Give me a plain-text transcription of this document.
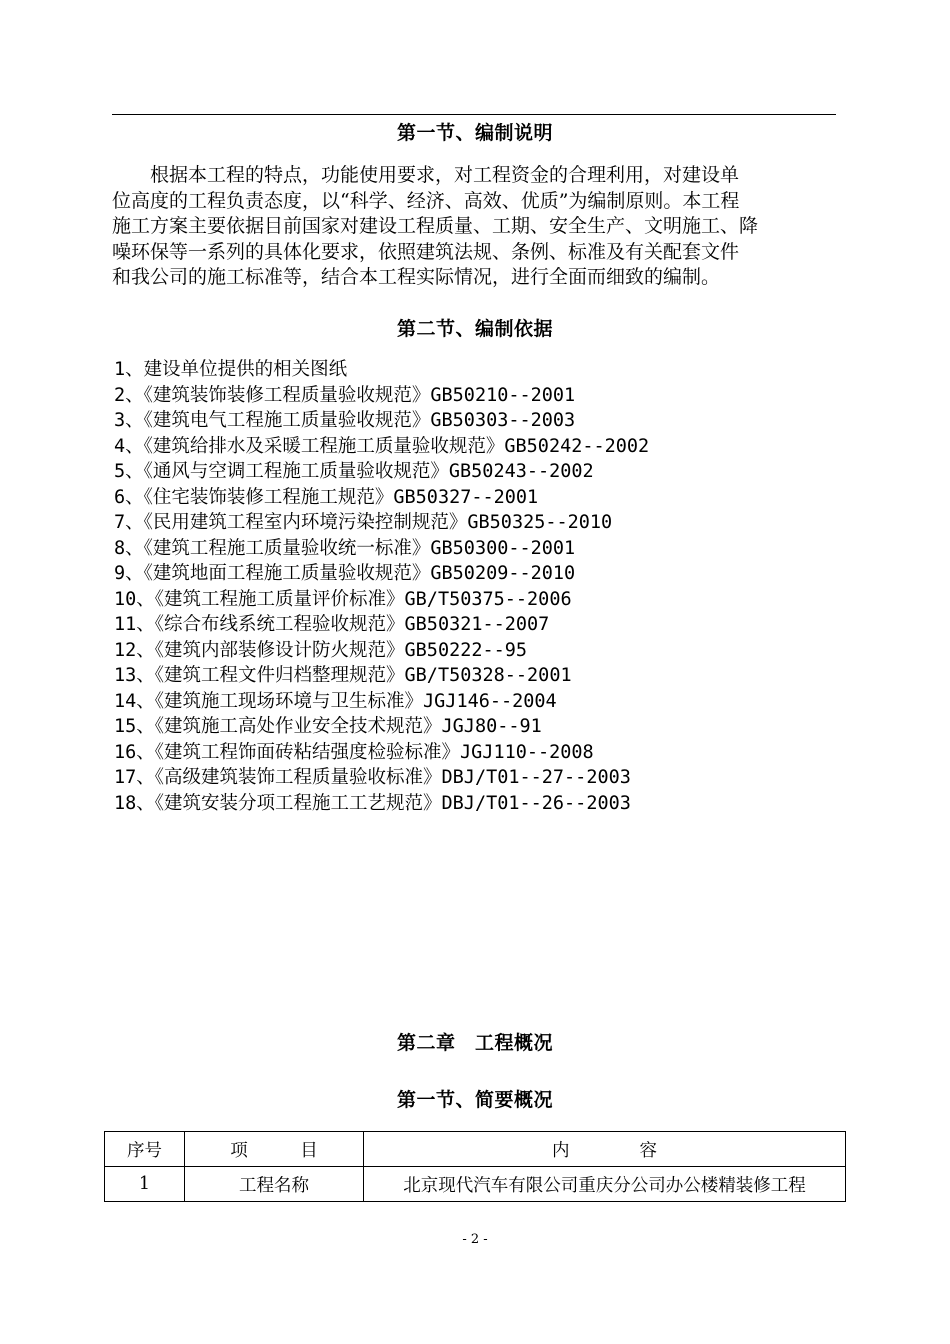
第一节、编制说明
　　根据本工程的特点，功能使用要求，对工程资金的合理利用，对建设单
位高度的工程负责态度，以“科学、经济、高效、优质”为编制原则。本工程
施工方案主要依据目前国家对建设工程质量、工期、安全生产、文明施工、降
噪环保等一系列的具体化要求，依照建筑法规、条例、标准及有关配套文件
和我公司的施工标准等，结合本工程实际情况，进行全面而细致的编制。
第二节、编制依据
1、建设单位提供的相关图纸
2、《建筑装饰装修工程质量验收规范》GB50210--2001
3、《建筑电气工程施工质量验收规范》GB50303--2003
4、《建筑给排水及采暖工程施工质量验收规范》GB50242--2002
5、《通风与空调工程施工质量验收规范》GB50243--2002
6、《住宅装饰装修工程施工规范》GB50327--2001
7、《民用建筑工程室内环境污染控制规范》GB50325--2010
8、《建筑工程施工质量验收统一标准》GB50300--2001
9、《建筑地面工程施工质量验收规范》GB50209--2010
10、《建筑工程施工质量评价标准》GB/T50375--2006
11、《综合布线系统工程验收规范》GB50321--2007
12、《建筑内部装修设计防火规范》GB50222--95
13、《建筑工程文件归档整理规范》GB/T50328--2001
14、《建筑施工现场环境与卫生标准》JGJ146--2004
15、《建筑施工高处作业安全技术规范》JGJ80--91
16、《建筑工程饰面砖粘结强度检验标准》JGJ110--2008
17、《高级建筑装饰工程质量验收标准》DBJ/T01--27--2003
18、《建筑安装分项工程施工工艺规范》DBJ/T01--26--2003
第二章　工程概况
第一节、简要概况
序号	项　　　目	内　　　　容
1	工程名称	北京现代汽车有限公司重庆分公司办公楼精装修工程
- 2 -
